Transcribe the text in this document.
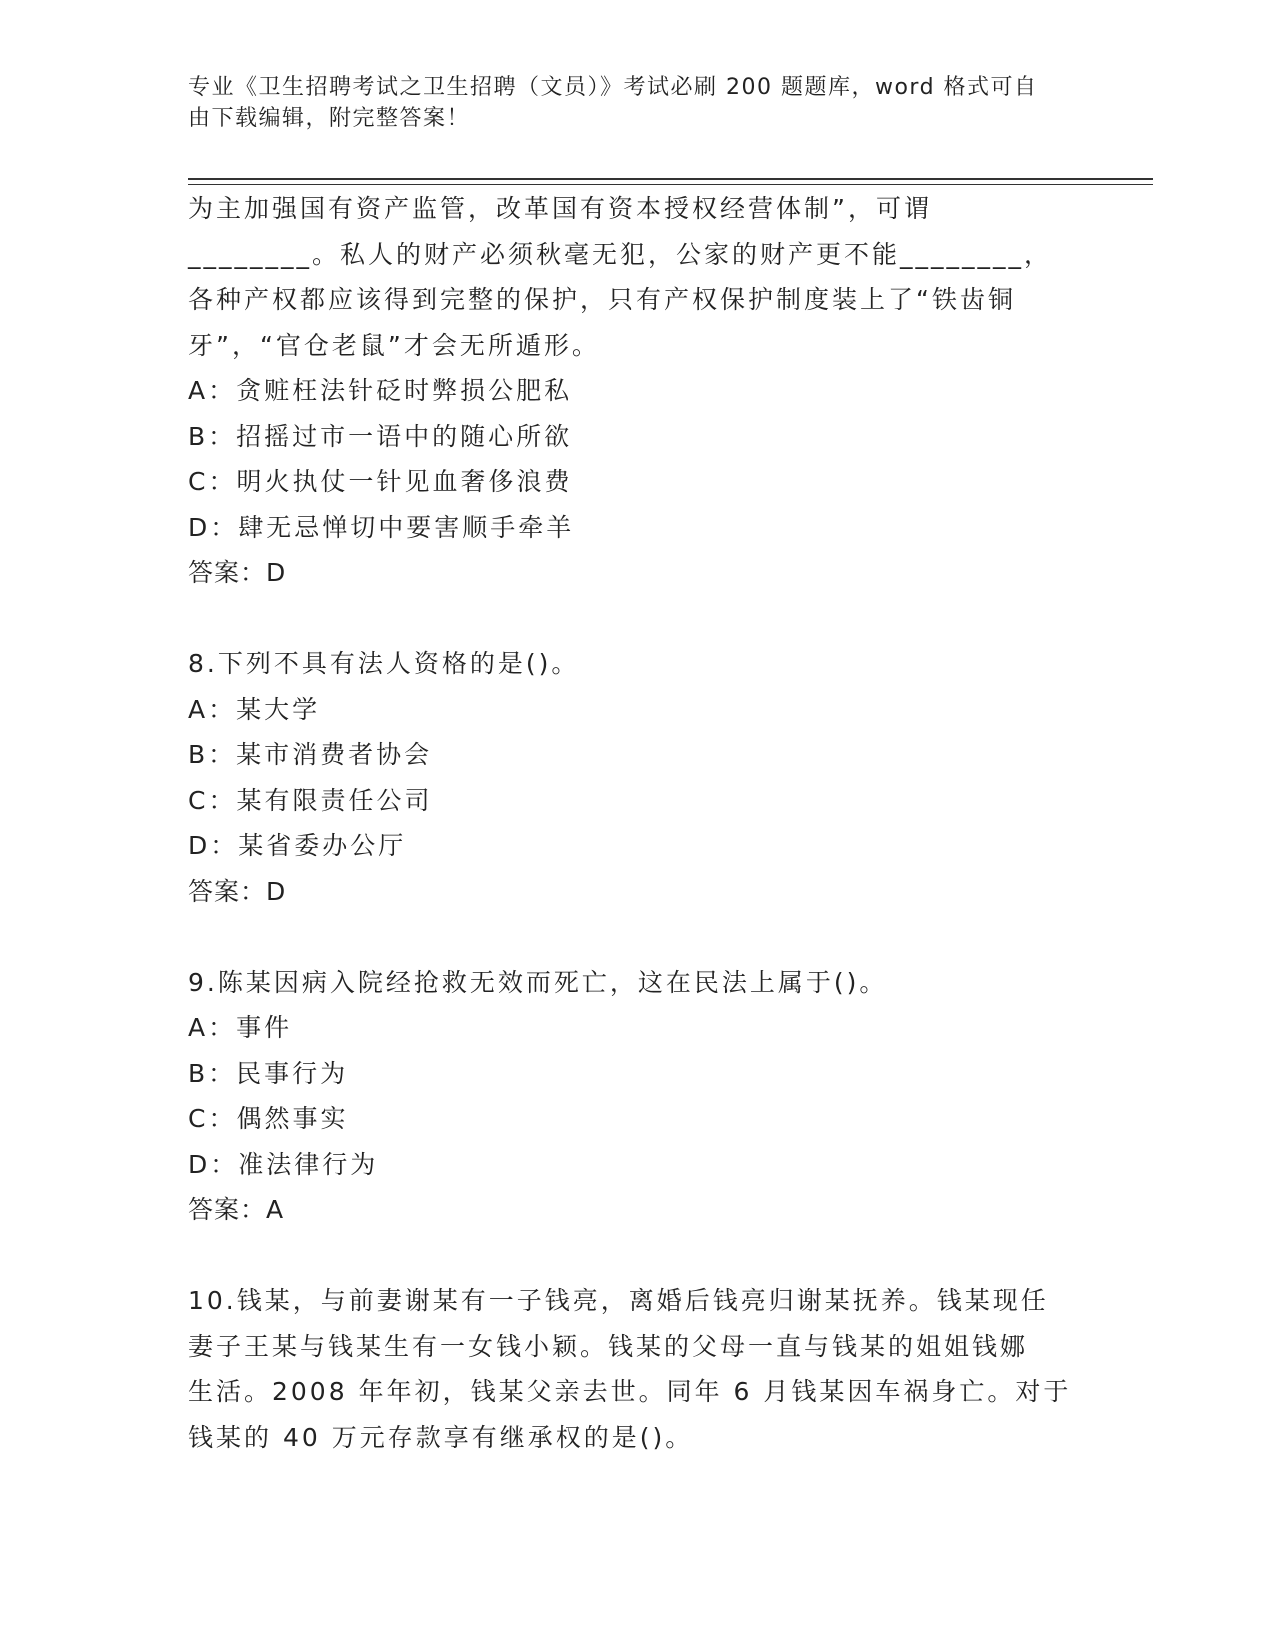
专业《卫生招聘考试之卫生招聘（文员）》考试必刷 200 题题库，word 格式可自
由下载编辑，附完整答案！
为主加强国有资产监管，改革国有资本授权经营体制”，可谓
________。私人的财产必须秋毫无犯，公家的财产更不能________，
各种产权都应该得到完整的保护，只有产权保护制度装上了“铁齿铜
牙”，“官仓老鼠”才会无所遁形。
A：贪赃枉法针砭时弊损公肥私
B：招摇过市一语中的随心所欲
C：明火执仗一针见血奢侈浪费
D：肆无忌惮切中要害顺手牵羊
答案：D
8.下列不具有法人资格的是()。
A：某大学
B：某市消费者协会
C：某有限责任公司
D：某省委办公厅
答案：D
9.陈某因病入院经抢救无效而死亡，这在民法上属于()。
A：事件
B：民事行为
C：偶然事实
D：准法律行为
答案：A
10.钱某，与前妻谢某有一子钱亮，离婚后钱亮归谢某抚养。钱某现任
妻子王某与钱某生有一女钱小颖。钱某的父母一直与钱某的姐姐钱娜
生活。2008 年年初，钱某父亲去世。同年 6 月钱某因车祸身亡。对于
钱某的 40 万元存款享有继承权的是()。
